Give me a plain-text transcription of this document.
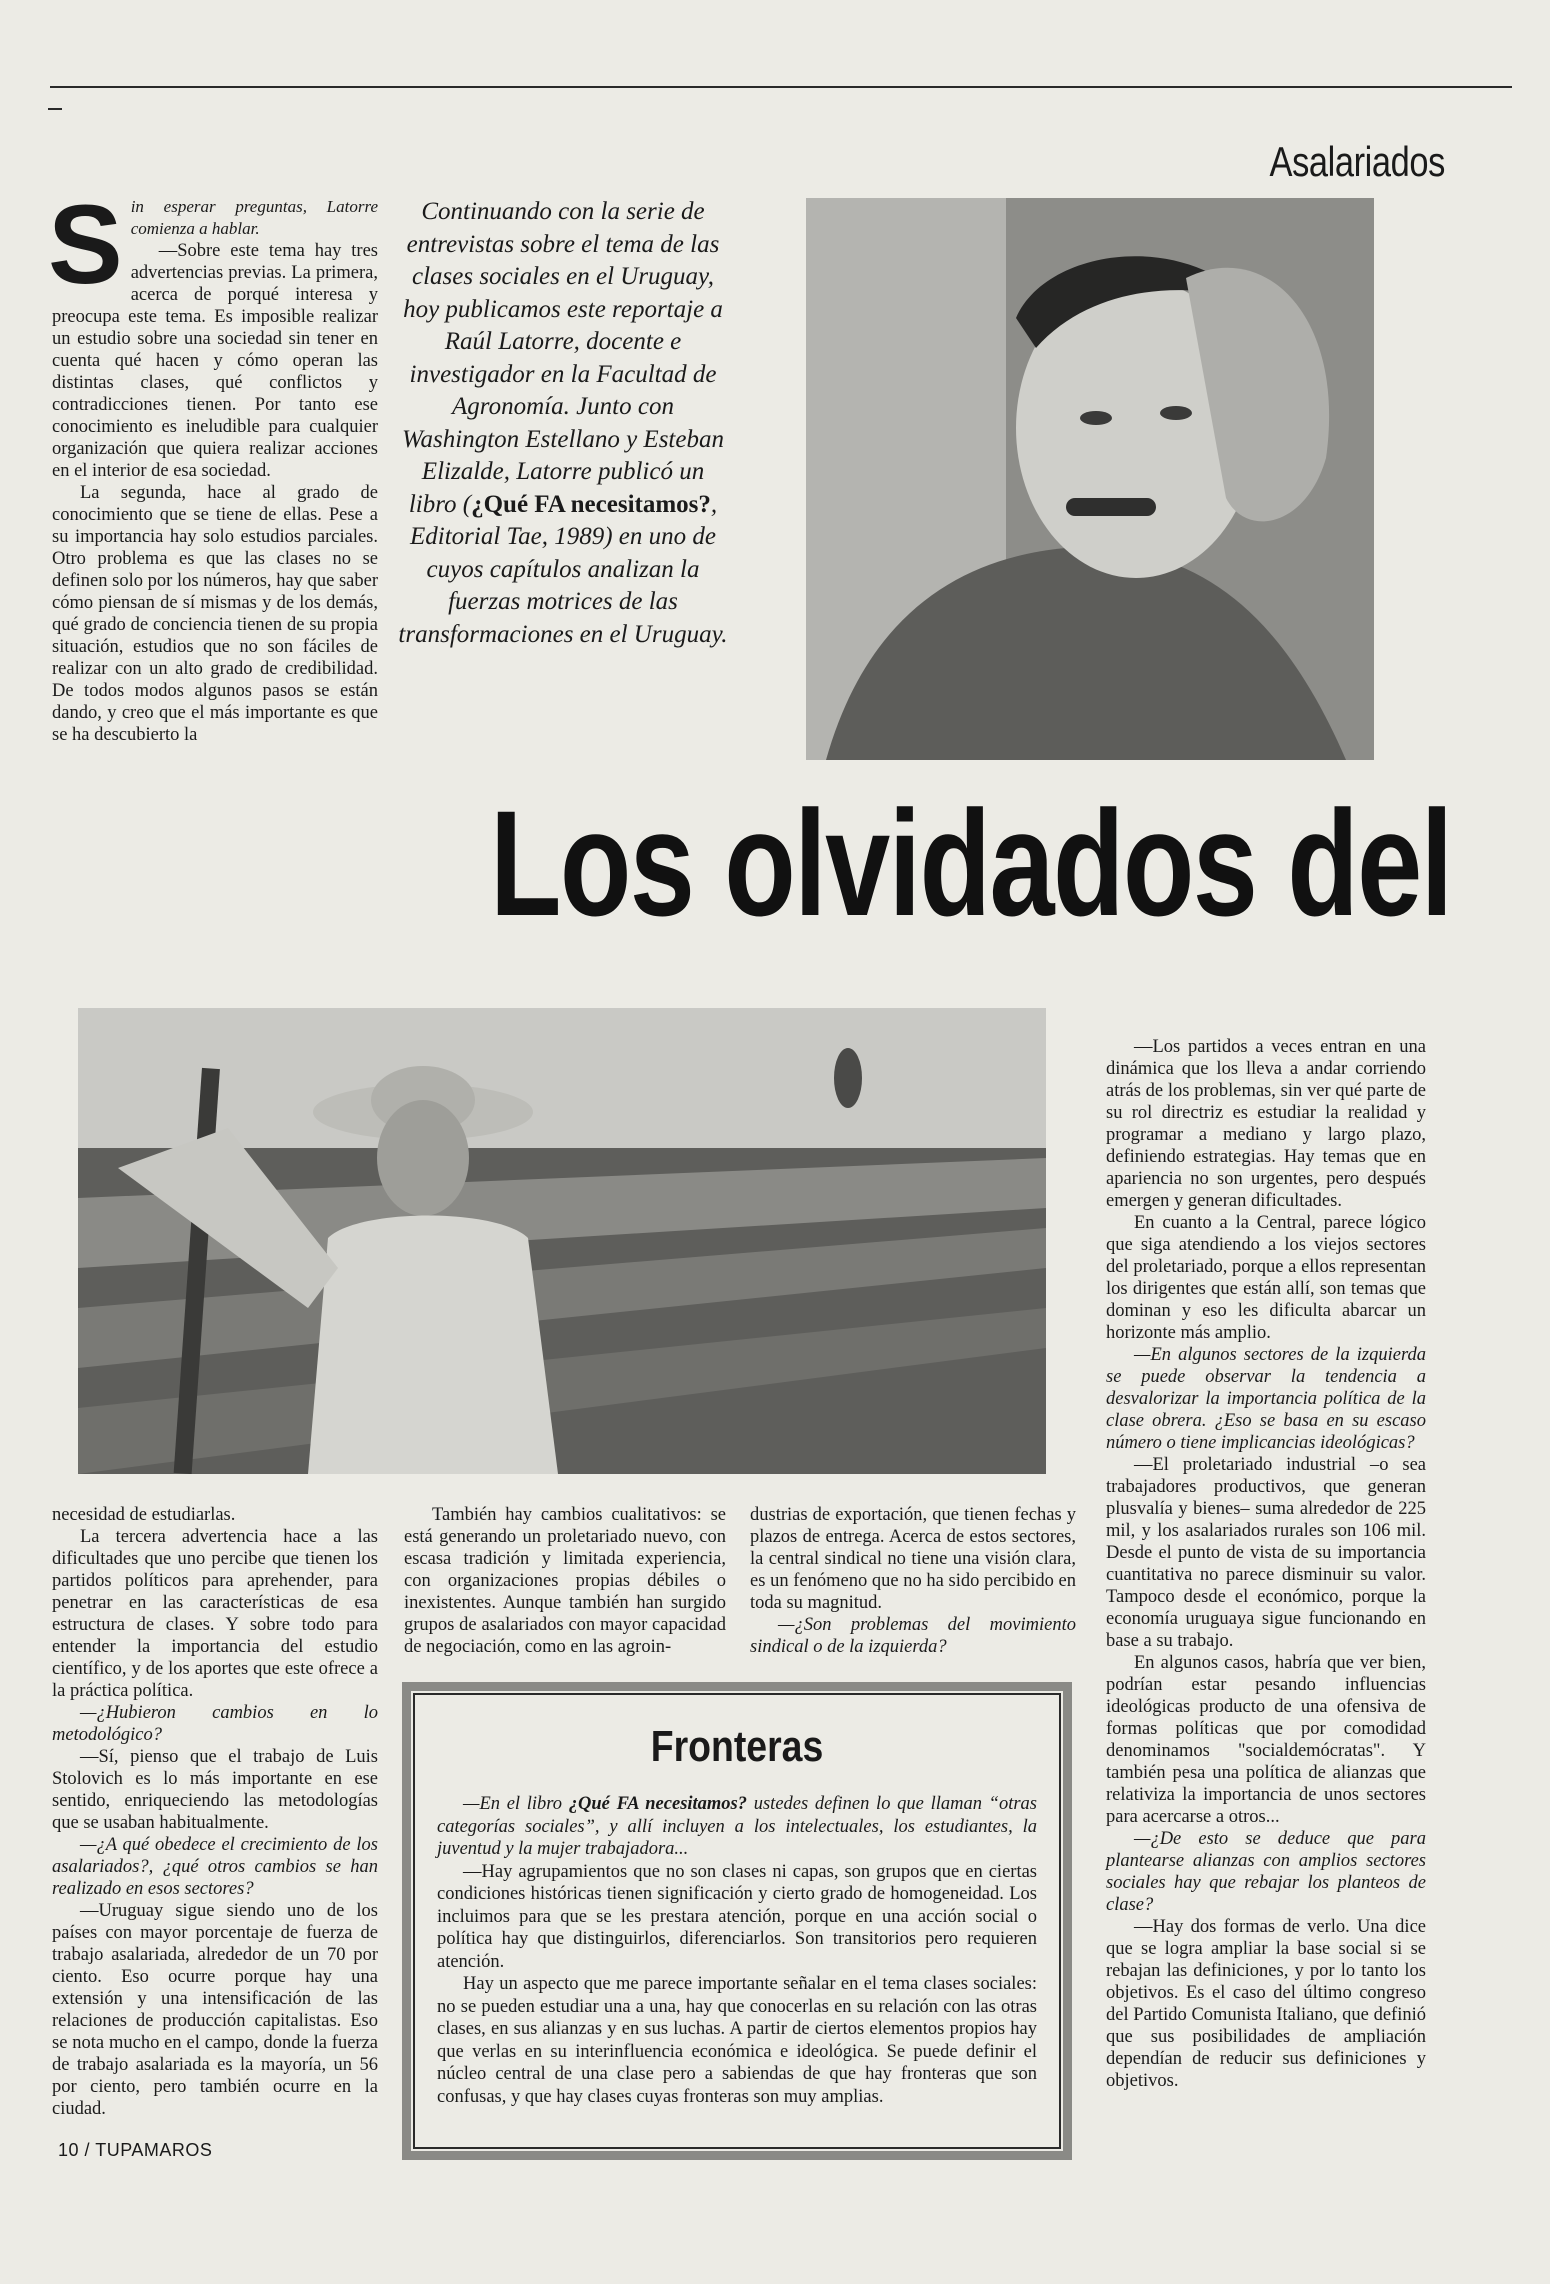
Asalariados
S in esperar preguntas, Latorre comienza a hablar.

—Sobre este tema hay tres advertencias previas. La primera, acerca de porqué interesa y preocupa este tema. Es imposible realizar un estudio sobre una sociedad sin tener en cuenta qué hacen y cómo operan las distintas clases, qué conflictos y contradicciones tienen. Por tanto ese conocimiento es ineludible para cualquier organización que quiera realizar acciones en el interior de esa sociedad.

La segunda, hace al grado de conocimiento que se tiene de ellas. Pese a su importancia hay solo estudios parciales. Otro problema es que las clases no se definen solo por los números, hay que saber cómo piensan de sí mismas y de los demás, qué grado de conciencia tienen de su propia situación, estudios que no son fáciles de realizar con un alto grado de credibilidad. De todos modos algunos pasos se están dando, y creo que el más importante es que se ha descubierto la

Continuando con la serie de entrevistas sobre el tema de las clases sociales en el Uruguay, hoy publicamos este reportaje a Raúl Latorre, docente e investigador en la Facultad de Agronomía. Junto con Washington Estellano y Esteban Elizalde, Latorre publicó un libro (¿Qué FA necesitamos?, Editorial Tae, 1989) en uno de cuyos capítulos analizan la fuerzas motrices de las transformaciones en el Uruguay.
Los olvidados del

necesidad de estudiarlas.

La tercera advertencia hace a las dificultades que uno percibe que tienen los partidos políticos para aprehender, para penetrar en las características de esa estructura de clases. Y sobre todo para entender la importancia del estudio científico, y de los aportes que este ofrece a la práctica política.

—¿Hubieron cambios en lo metodológico?

—Sí, pienso que el trabajo de Luis Stolovich es lo más importante en ese sentido, enriqueciendo las metodologías que se usaban habitualmente.

—¿A qué obedece el crecimiento de los asalariados?, ¿qué otros cambios se han realizado en esos sectores?

—Uruguay sigue siendo uno de los países con mayor porcentaje de fuerza de trabajo asalariada, alrededor de un 70 por ciento. Eso ocurre porque hay una extensión y una intensificación de las relaciones de producción capitalistas. Eso se nota mucho en el campo, donde la fuerza de trabajo asalariada es la mayoría, un 56 por ciento, pero también ocurre en la ciudad.

También hay cambios cualitativos: se está generando un proletariado nuevo, con escasa tradición y limitada experiencia, con organizaciones propias débiles o inexistentes. Aunque también han surgido grupos de asalariados con mayor capacidad de negociación, como en las agroin-

dustrias de exportación, que tienen fechas y plazos de entrega. Acerca de estos sectores, la central sindical no tiene una visión clara, es un fenómeno que no ha sido percibido en toda su magnitud.

—¿Son problemas del movimiento sindical o de la izquierda?

—Los partidos a veces entran en una dinámica que los lleva a andar corriendo atrás de los problemas, sin ver qué parte de su rol directriz es estudiar la realidad y programar a mediano y largo plazo, definiendo estrategias. Hay temas que en apariencia no son urgentes, pero después emergen y generan dificultades.

En cuanto a la Central, parece lógico que siga atendiendo a los viejos sectores del proletariado, porque a ellos representan los dirigentes que están allí, son temas que dominan y eso les dificulta abarcar un horizonte más amplio.

—En algunos sectores de la izquierda se puede observar la tendencia a desvalorizar la importancia política de la clase obrera. ¿Eso se basa en su escaso número o tiene implicancias ideológicas?

—El proletariado industrial –o sea trabajadores productivos, que generan plusvalía y bienes– suma alrededor de 225 mil, y los asalariados rurales son 106 mil. Desde el punto de vista de su importancia cuantitativa no parece disminuir su valor. Tampoco desde el económico, porque la economía uruguaya sigue funcionando en base a su trabajo.

En algunos casos, habría que ver bien, podrían estar pesando influencias ideológicas producto de una ofensiva de formas políticas que por comodidad denominamos "socialdemócratas". Y también pesa una política de alianzas que relativiza la importancia de unos sectores para acercarse a otros...

—¿De esto se deduce que para plantearse alianzas con amplios sectores sociales hay que rebajar los planteos de clase?

—Hay dos formas de verlo. Una dice que se logra ampliar la base social si se rebajan las definiciones, y por lo tanto los objetivos. Es el caso del último congreso del Partido Comunista Italiano, que definió que sus posibilidades de ampliación dependían de reducir sus definiciones y objetivos.

Fronteras

—En el libro ¿Qué FA necesitamos? ustedes definen lo que llaman “otras categorías sociales”, y allí incluyen a los intelectuales, los estudiantes, la juventud y la mujer trabajadora...

—Hay agrupamientos que no son clases ni capas, son grupos que en ciertas condiciones históricas tienen significación y cierto grado de homogeneidad. Los incluimos para que se les prestara atención, porque en una acción social o política hay que distinguirlos, diferenciarlos. Son transitorios pero requieren atención.

Hay un aspecto que me parece importante señalar en el tema clases sociales: no se pueden estudiar una a una, hay que conocerlas en su relación con las otras clases, en sus alianzas y en sus luchas. A partir de ciertos elementos propios hay que verlas en su interinfluencia económica e ideológica. Se puede definir el núcleo central de una clase pero a sabiendas de que hay fronteras que son confusas, y que hay clases cuyas fronteras son muy amplias.

10 / TUPAMAROS
